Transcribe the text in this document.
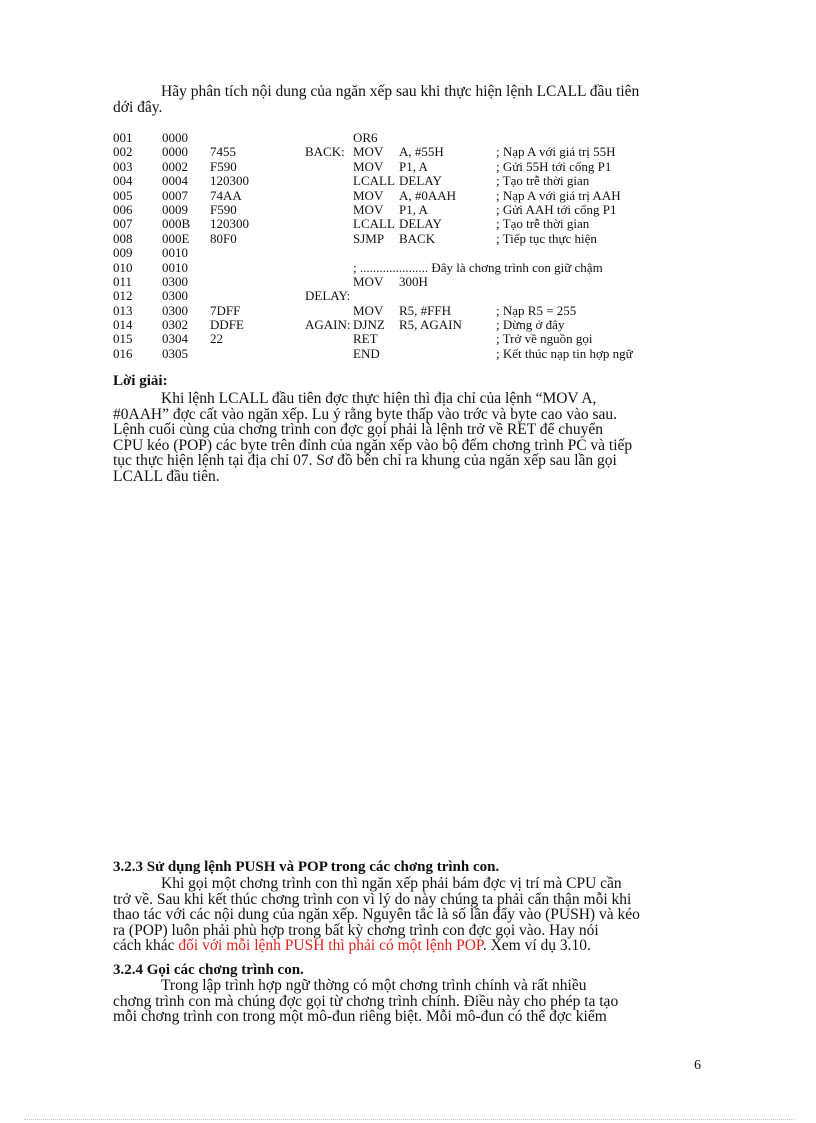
Hãy phân tích nội dung của ngăn xếp sau khi thực hiện lệnh LCALL đầu tiên
dới đây.
001 0000	OR6
002 0000 7455	BACK: MOV A, #55H	; Nạp A với giá trị 55H
003 0002 F590	MOV P1, A	; Gửi 55H tới cổng P1
004 0004 120300	LCALL DELAY	; Tạo trễ thời gian
005 0007 74AA	MOV A, #0AAH	; Nạp A với giá trị AAH
006 0009 F590	MOV P1, A	; Gửi AAH tới cổng P1
007 000B 120300	LCALL DELAY	; Tạo trễ thời gian
008 000E 80F0	SJMP BACK	; Tiếp tục thực hiện
009 0010
010 0010	; ..................... Đây là chơng trình con giữ chậm
011 0300	MOV 300H
012 0300	DELAY:
013 0300 7DFF	MOV R5, #FFH	; Nạp R5 = 255
014 0302 DDFE	AGAIN: DJNZ R5, AGAIN	; Dừng ở đây
015 0304 22	RET	; Trở về nguồn gọi
016 0305	END	; Kết thúc nạp tin hợp ngữ
Lời giải:
Khi lệnh LCALL đầu tiên đợc thực hiện thì địa chỉ của lệnh “MOV A,
#0AAH” đợc cất vào ngăn xếp. Lu ý rằng byte thấp vào trớc và byte cao vào sau.
Lệnh cuối cùng của chơng trình con đợc gọi phải là lệnh trở về RET để chuyển
CPU kéo (POP) các byte trên đỉnh của ngăn xếp vào bộ đếm chơng trình PC và tiếp
tục thực hiện lệnh tại địa chỉ 07. Sơ đồ bên chỉ ra khung của ngăn xếp sau lần gọi
LCALL đầu tiên.
3.2.3 Sử dụng lệnh PUSH và POP trong các chơng trình con.
Khi gọi một chơng trình con thì ngăn xếp phải bám đợc vị trí mà CPU cần
trở về. Sau khi kết thúc chơng trình con vì lý do này chúng ta phải cẩn thận mỗi khi
thao tác với các nội dung của ngăn xếp. Nguyên tắc là số lần đẩy vào (PUSH) và kéo
ra (POP) luôn phải phù hợp trong bất kỳ chơng trình con đợc gọi vào. Hay nói
cách khác đối với mỗi lệnh PUSH thì phải có một lệnh POP. Xem ví dụ 3.10.
3.2.4 Gọi các chơng trình con.
Trong lập trình hợp ngữ thờng có một chơng trình chính và rất nhiều
chơng trình con mà chúng đợc gọi từ chơng trình chính. Điều này cho phép ta tạo
mỗi chơng trình con trong một mô-đun riêng biệt. Mỗi mô-đun có thể đợc kiểm
6
